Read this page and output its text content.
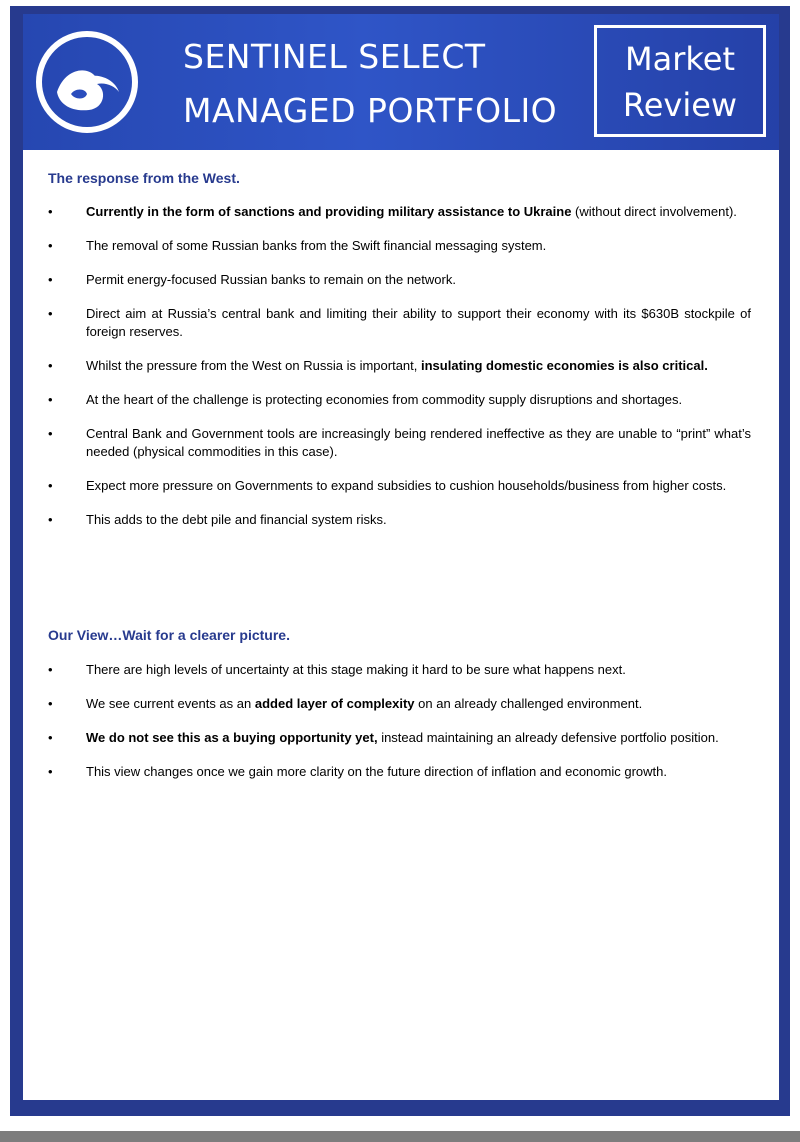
SENTINEL SELECT
MANAGED PORTFOLIO
Market
Review
The response from the West.
•	Currently in the form of sanctions and providing military assistance to Ukraine (without direct involvement).
•	The removal of some Russian banks from the Swift financial messaging system.
•	Permit energy-focused Russian banks to remain on the network.
•	Direct aim at Russia’s central bank and limiting their ability to support their economy with its $630B stockpile of foreign reserves.
•	Whilst the pressure from the West on Russia is important, insulating domestic economies is also critical.
•	At the heart of the challenge is protecting economies from commodity supply disruptions and shortages.
•	Central Bank and Government tools are increasingly being rendered ineffective as they are unable to “print” what’s needed (physical commodities in this case).
•	Expect more pressure on Governments to expand subsidies to cushion households/business from higher costs.
•	This adds to the debt pile and financial system risks.
Our View…Wait for a clearer picture.
•	There are high levels of uncertainty at this stage making it hard to be sure what happens next.
•	We see current events as an added layer of complexity on an already challenged environment.
•	We do not see this as a buying opportunity yet, instead maintaining an already defensive portfolio position.
•	This view changes once we gain more clarity on the future direction of inflation and economic growth.
